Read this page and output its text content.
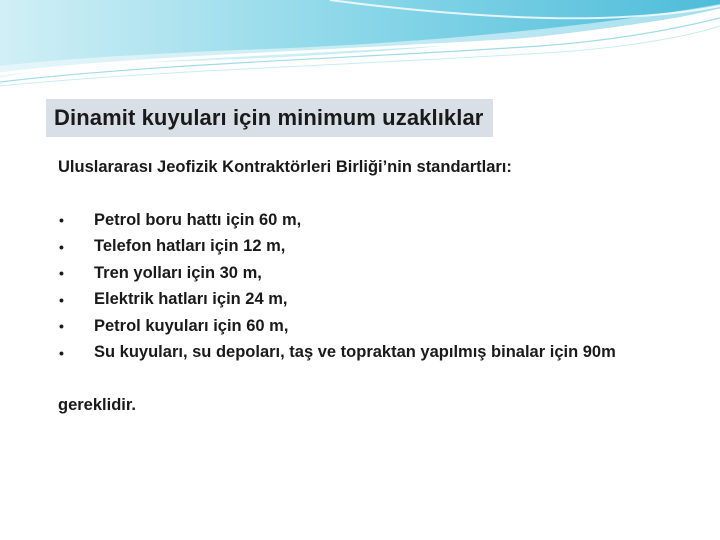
Dinamit kuyuları için minimum uzaklıklar
Uluslararası Jeofizik Kontraktörleri Birliği’nin standartları:
•	Petrol boru hattı için 60 m,
•	Telefon hatları için 12 m,
•	Tren yolları için 30 m,
•	Elektrik hatları için 24 m,
•	Petrol kuyuları için 60 m,
•	Su kuyuları, su depoları, taş ve topraktan yapılmış binalar için 90m
gereklidir.
